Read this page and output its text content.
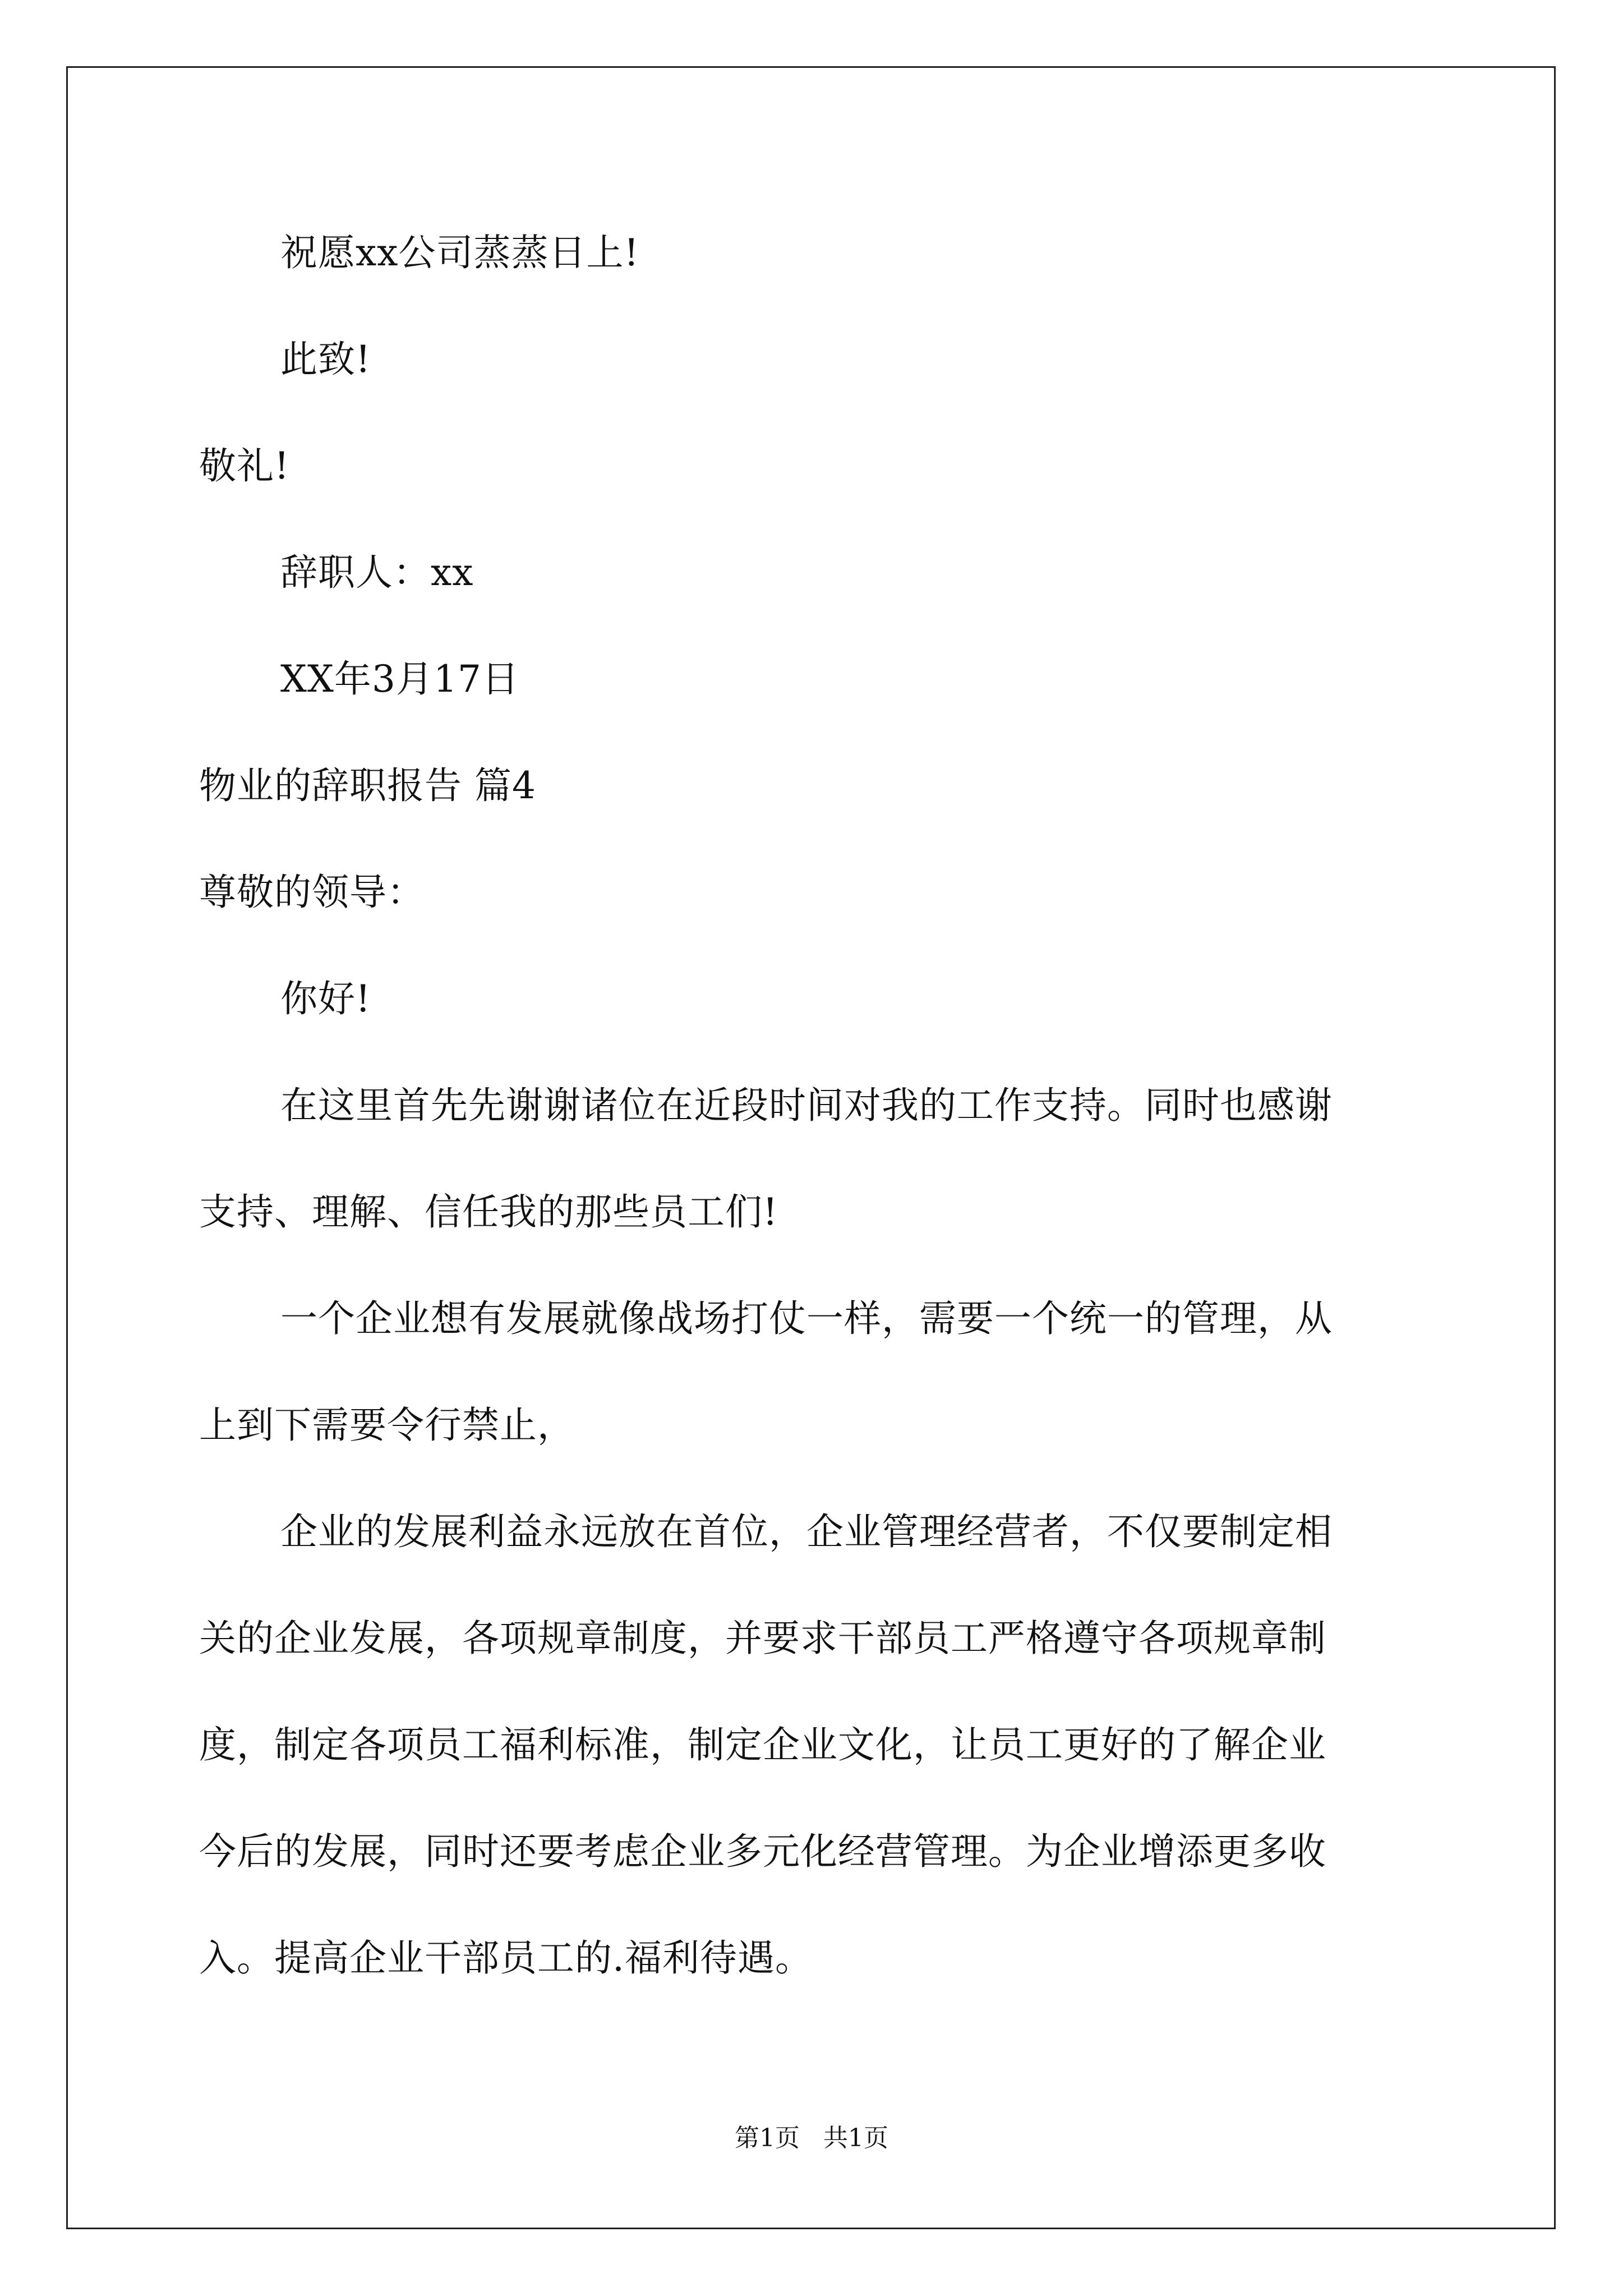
祝愿xx公司蒸蒸日上!

此致!

敬礼!

辞职人：xx

XX年3月17日

物业的辞职报告 篇4

尊敬的领导：

你好!

在这里首先先谢谢诸位在近段时间对我的工作支持。同时也感谢

支持、理解、信任我的那些员工们!

一个企业想有发展就像战场打仗一样，需要一个统一的管理，从

上到下需要令行禁止，

企业的发展利益永远放在首位，企业管理经营者，不仅要制定相

关的企业发展，各项规章制度，并要求干部员工严格遵守各项规章制

度，制定各项员工福利标准，制定企业文化，让员工更好的了解企业

今后的发展，同时还要考虑企业多元化经营管理。为企业增添更多收

入。提高企业干部员工的.福利待遇。

第1页   共1页
